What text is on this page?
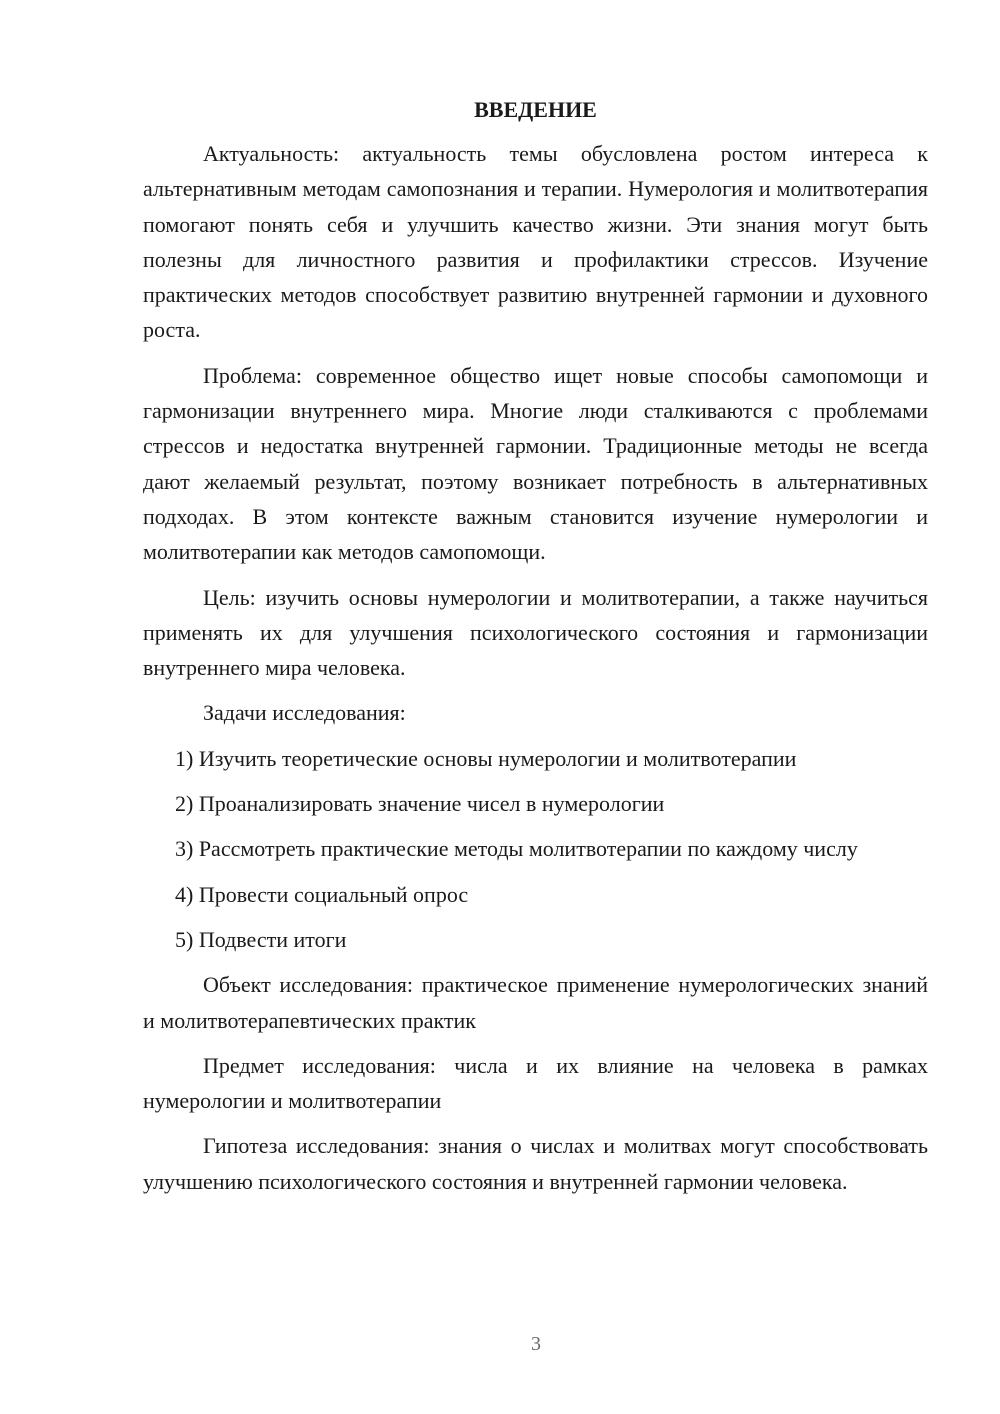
ВВЕДЕНИЕ

Актуальность: актуальность темы обусловлена ростом интереса к альтернативным методам самопознания и терапии. Нумерология и молитвотерапия помогают понять себя и улучшить качество жизни. Эти знания могут быть полезны для личностного развития и профилактики стрессов. Изучение практических методов способствует развитию внутренней гармонии и духовного роста.

Проблема: современное общество ищет новые способы самопомощи и гармонизации внутреннего мира. Многие люди сталкиваются с проблемами стрессов и недостатка внутренней гармонии. Традиционные методы не всегда дают желаемый результат, поэтому возникает потребность в альтернативных подходах. В этом контексте важным становится изучение нумерологии и молитвотерапии как методов самопомощи.

Цель: изучить основы нумерологии и молитвотерапии, а также научиться применять их для улучшения психологического состояния и гармонизации внутреннего мира человека.

Задачи исследования:

1) Изучить теоретические основы нумерологии и молитвотерапии

2) Проанализировать значение чисел в нумерологии

3) Рассмотреть практические методы молитвотерапии по каждому числу

4) Провести социальный опрос

5) Подвести итоги

Объект исследования: практическое применение нумерологических знаний и молитвотерапевтических практик

Предмет исследования: числа и их влияние на человека в рамках нумерологии и молитвотерапии

Гипотеза исследования: знания о числах и молитвах могут способствовать улучшению психологического состояния и внутренней гармонии человека.

3
